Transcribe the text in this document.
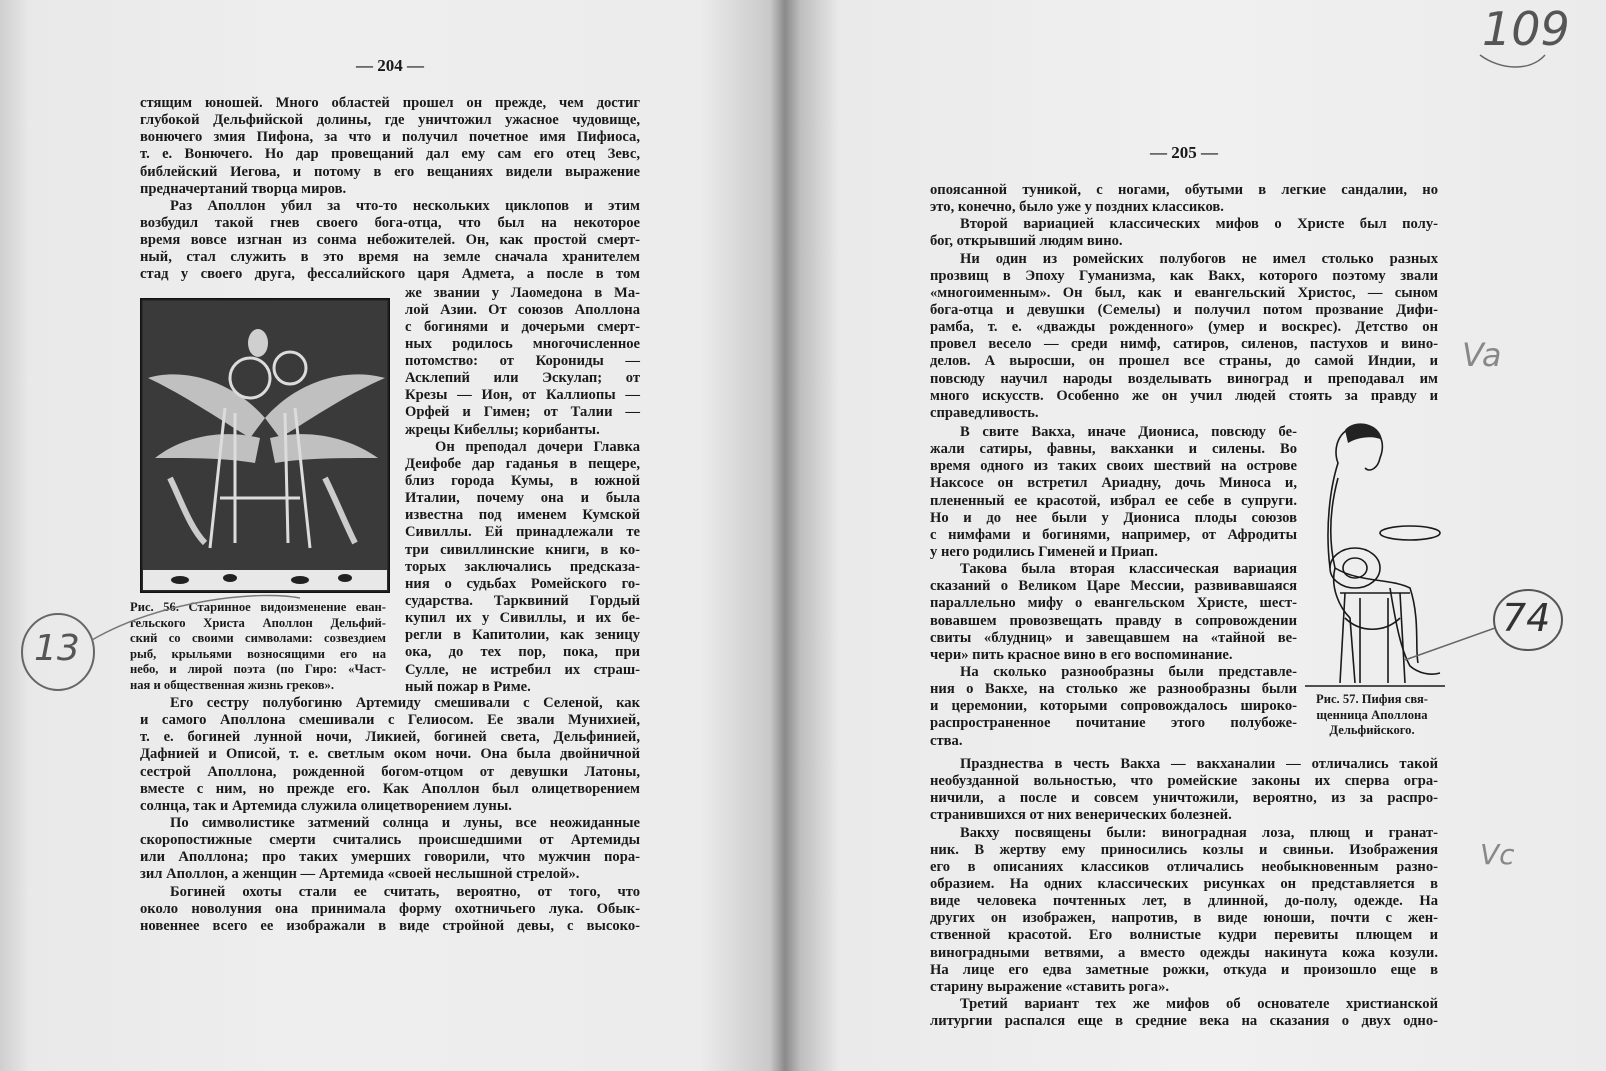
— 204 —
— 205 —
стящим юношей. Много областей прошел он прежде, чем достиг
глубокой Дельфийской долины, где уничтожил ужасное чудовище,
вонючего змия Пифона, за что и получил почетное имя Пифиоса,
т. е. Вонючего. Но дар провещаний дал ему сам его отец Зевс,
библейский Иегова, и потому в его вещаниях видели выражение
предначертаний творца миров.
Раз Аполлон убил за что-то нескольких циклопов и этим
возбудил такой гнев своего бога-отца, что был на некоторое
время вовсе изгнан из сонма небожителей. Он, как простой смерт-
ный, стал служить в это время на земле сначала хранителем
стад у своего друга, фессалийского царя Адмета, а после в том
же звании у Лаомедона в Ма-
лой Азии. От союзов Аполлона
с богинями и дочерьми смерт-
ных родилось многочисленное
потомство: от Корониды —
Асклепий или Эскулап; от
Крезы — Ион, от Каллиопы —
Орфей и Гимен; от Талии —
жрецы Кибеллы; корибанты.
Он преподал дочери Главка
Деифобе дар гаданья в пещере,
близ города Кумы, в южной
Италии, почему она и была
известна под именем Кумской
Сивиллы. Ей принадлежали те
три сивиллинские книги, в ко-
торых заключались предсказа-
ния о судьбах Ромейского го-
сударства. Тарквиний Гордый
купил их у Сивиллы, и их бе-
регли в Капитолии, как зеницу
ока, до тех пор, пока, при
Сулле, не истребил их страш-
ный пожар в Риме.
Его сестру полубогиню Артемиду смешивали с Селеной, как
и самого Аполлона смешивали с Гелиосом. Ее звали Мунихией,
т. е. богиней лунной ночи, Ликией, богиней света, Дельфинией,
Дафнией и Описой, т. е. светлым оком ночи. Она была двойничной
сестрой Аполлона, рожденной богом-отцом от девушки Латоны,
вместе с ним, но прежде его. Как Аполлон был олицетворением
солнца, так и Артемида служила олицетворением луны.
По символистике затмений солнца и луны, все неожиданные
скоропостижные смерти считались происшедшими от Артемиды
или Аполлона; про таких умерших говорили, что мужчин пора-
зил Аполлон, а женщин — Артемида «своей неслышной стрелой».
Богиней охоты стали ее считать, вероятно, от того, что
около новолуния она принимала форму охотничьего лука. Обык-
новеннее всего ее изображали в виде стройной девы, с высоко-
опоясанной туникой, с ногами, обутыми в легкие сандалии, но
это, конечно, было уже у поздних классиков.
Второй вариацией классических мифов о Христе был полу-
бог, открывший людям вино.
Ни один из ромейских полубогов не имел столько разных
прозвищ в Эпоху Гуманизма, как Вакх, которого поэтому звали
«многоименным». Он был, как и евангельский Христос, — сыном
бога-отца и девушки (Семелы) и получил потом прозвание Дифи-
рамба, т. е. «дважды рожденного» (умер и воскрес). Детство он
провел весело — среди нимф, сатиров, силенов, пастухов и вино-
делов. А выросши, он прошел все страны, до самой Индии, и
повсюду научил народы возделывать виноград и преподавал им
много искусств. Особенно же он учил людей стоять за правду и
справедливость.
В свите Вакха, иначе Диониса, повсюду бе-
жали сатиры, фавны, вакханки и силены. Во
время одного из таких своих шествий на острове
Наксосе он встретил Ариадну, дочь Миноса и,
плененный ее красотой, избрал ее себе в супруги.
Но и до нее были у Диониса плоды союзов
с нимфами и богинями, например, от Афродиты
у него родились Гименей и Приап.
Такова была вторая классическая вариация
сказаний о Великом Царе Мессии, развивавшаяся
параллельно мифу о евангельском Христе, шест-
вовавшем провозвещать правду в сопровождении
свиты «блудниц» и завещавшем на «тайной ве-
чери» пить красное вино в его воспоминание.
На сколько разнообразны были представле-
ния о Вакхе, на столько же разнообразны были
и церемонии, которыми сопровождалось широко-
распространенное почитание этого полубоже-
ства.
Празднества в честь Вакха — вакханалии — отличались такой
необузданной вольностью, что ромейские законы их сперва огра-
ничили, а после и совсем уничтожили, вероятно, из за распро-
странившихся от них венерических болезней.
Вакху посвящены были: виноградная лоза, плющ и гранат-
ник. В жертву ему приносились козлы и свиньи. Изображения
его в описаниях классиков отличались необыкновенным разно-
образием. На одних классических рисунках он представляется в
виде человека почтенных лет, в длинной, до-полу, одежде. На
других он изображен, напротив, в виде юноши, почти с жен-
ственной красотой. Его волнистые кудри перевиты плющем и
виноградными ветвями, а вместо одежды накинута кожа козули.
На лице его едва заметные рожки, откуда и произошло еще в
старину выражение «ставить рога».
Третий вариант тех же мифов об основателе христианской
литургии распался еще в средние века на сказания о двух одно-
Рис. 56. Старинное видоизменение еван-
гельского Христа Аполлон Дельфий-
ский со своими символами: созвездием
рыб, крыльями возносящими его на
небо, и лирой поэта (по Гиро: «Част-
ная и общественная жизнь греков».
Рис. 57. Пифия свя-
щенница Аполлона
Дельфийского.
109
13
74
Va
Vc
